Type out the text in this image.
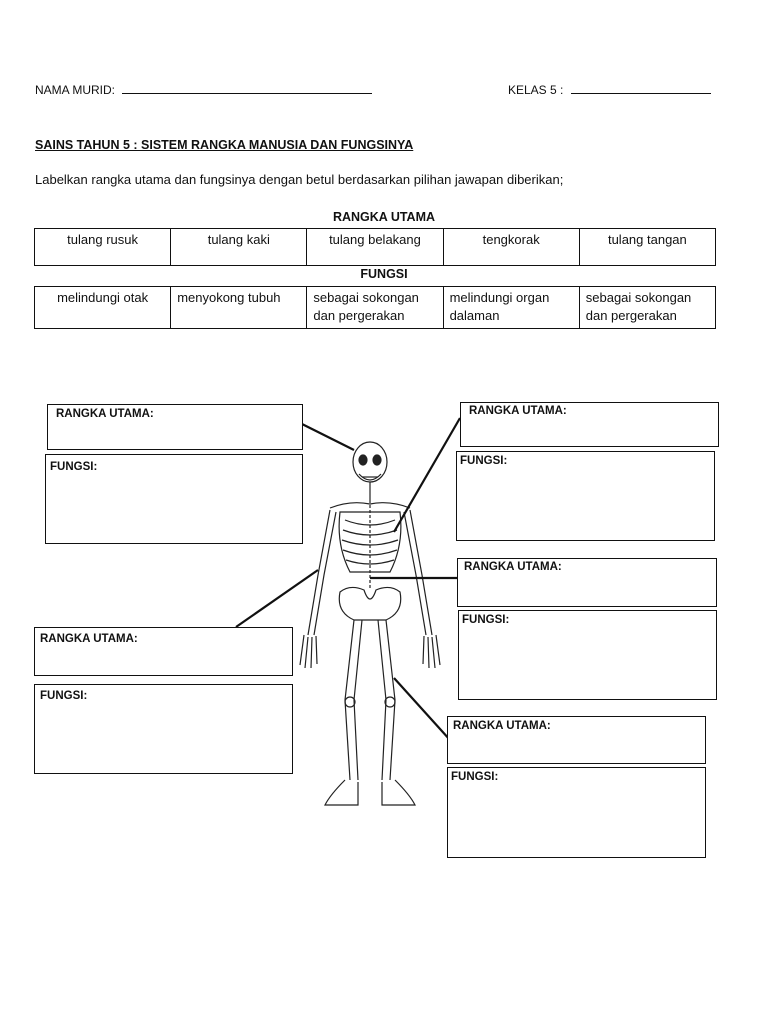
NAMA MURID:	KELAS 5 :
SAINS TAHUN 5 : SISTEM RANGKA MANUSIA DAN FUNGSINYA
Labelkan rangka utama dan fungsinya dengan betul berdasarkan pilihan jawapan diberikan;
RANGKA UTAMA
tulang rusuk	tulang kaki	tulang belakang	tengkorak	tulang tangan
FUNGSI
melindungi otak	menyokong tubuh	sebagai sokongan dan pergerakan	melindungi organ dalaman	sebagai sokongan dan pergerakan
RANGKA UTAMA:
FUNGSI:
RANGKA UTAMA:
FUNGSI:
RANGKA UTAMA:
FUNGSI:
RANGKA UTAMA:
FUNGSI:
RANGKA UTAMA:
FUNGSI:
